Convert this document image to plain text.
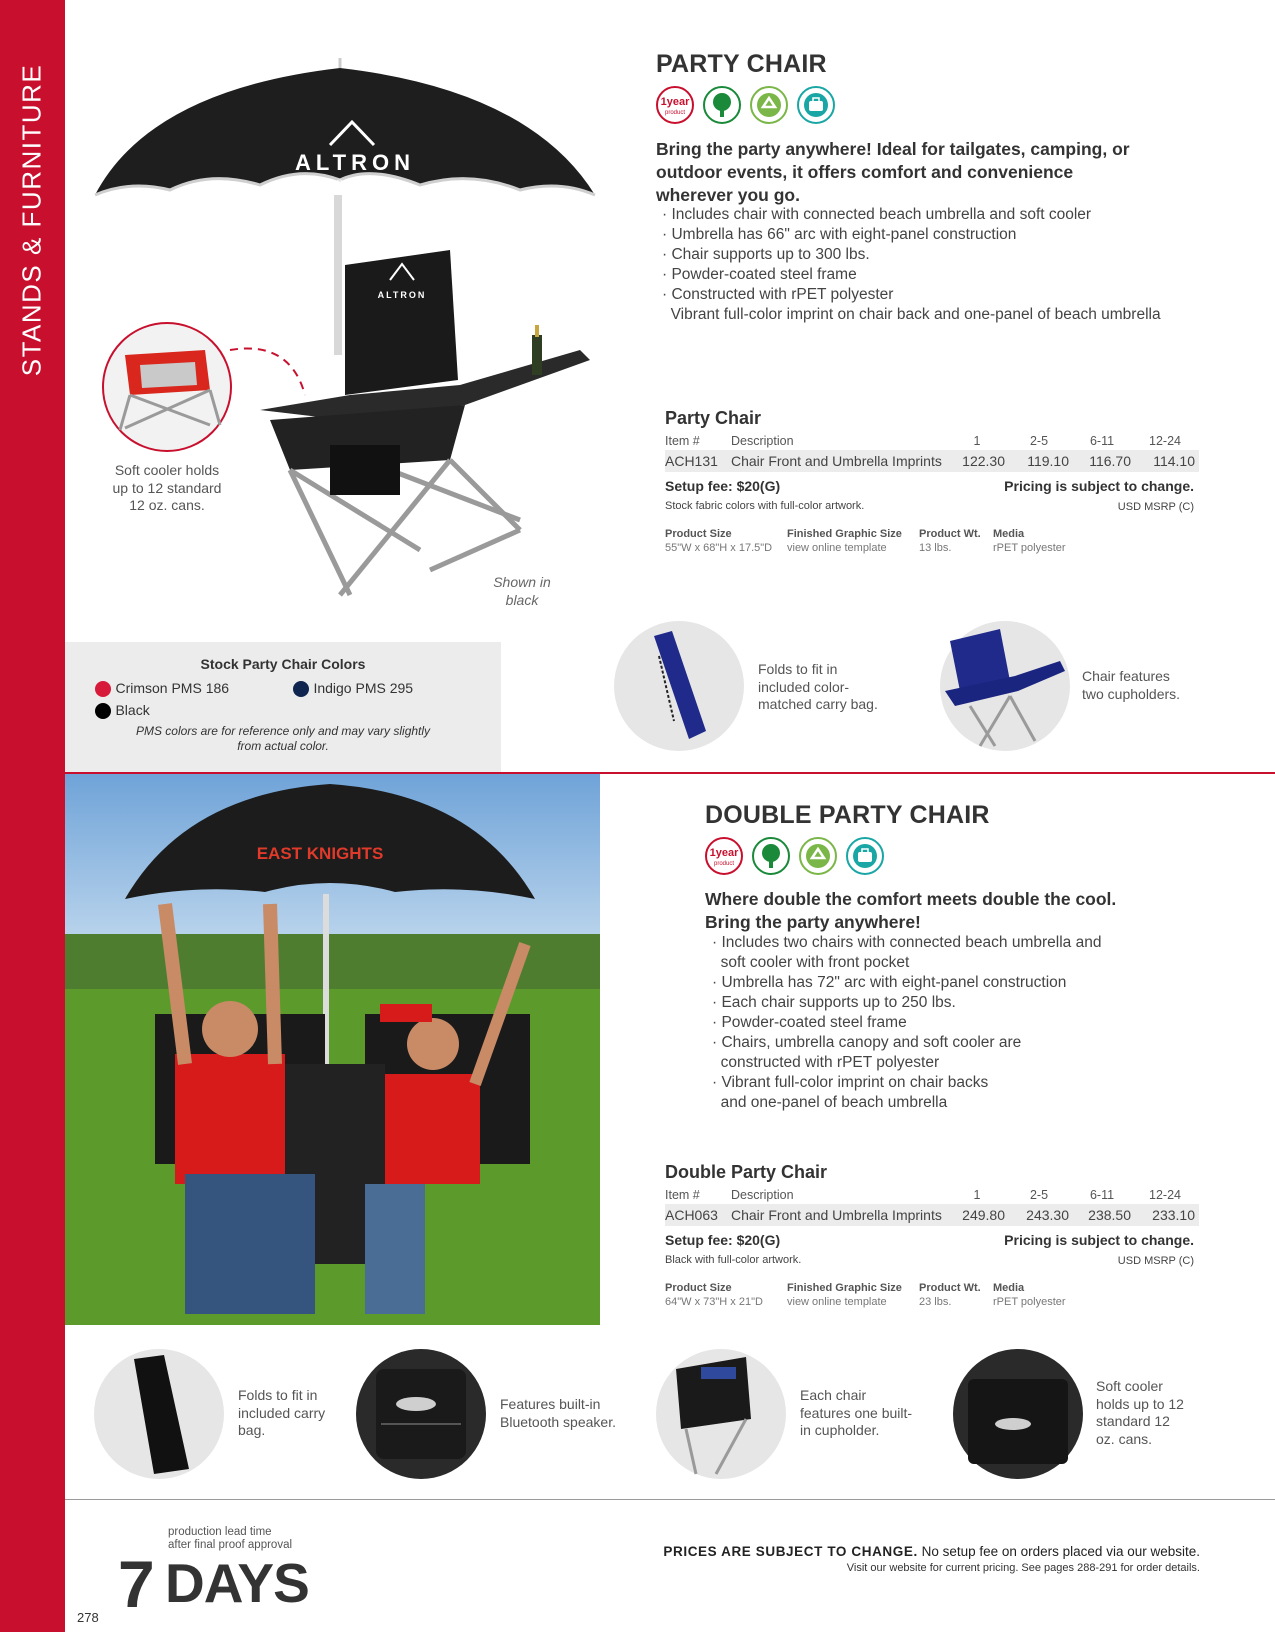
STANDS & FURNITURE	ALTRON
ENGINEERS
ALTRON
Soft cooler holds up to 12 standard 12 oz. cans.
Shown in black
PARTY CHAIR
1year
product
Bring the party anywhere! Ideal for tailgates, camping, or outdoor events, it offers comfort and convenience wherever you go.
· Includes chair with connected beach umbrella and soft cooler
· Umbrella has 66" arc with eight-panel construction
· Chair supports up to 300 lbs.
· Powder-coated steel frame
· Constructed with rPET polyester
Vibrant full-color imprint on chair back and one-panel of beach umbrella
Party Chair
Item #	Description	1	2-5	6-11	12-24
ACH131	Chair Front and Umbrella Imprints	122.30	119.10	116.70	114.10
Setup fee: $20(G)	Pricing is subject to change.
Stock fabric colors with full-color artwork.	USD MSRP (C)
Product Size
55"W x 68"H x 17.5"D
Finished Graphic Size
view online template
Product Wt.
13 lbs.
Media
rPET polyester
Stock Party Chair Colors
Crimson PMS 186	Indigo PMS 295
Black
PMS colors are for reference only and may vary slightly from actual color.
Folds to fit in included color-matched carry bag.
Chair features two cupholders.
EAST KNIGHTS
DOUBLE PARTY CHAIR
1year
product
Where double the comfort meets double the cool. Bring the party anywhere!
· Includes two chairs with connected beach umbrella and
soft cooler with front pocket
· Umbrella has 72" arc with eight-panel construction
· Each chair supports up to 250 lbs.
· Powder-coated steel frame
· Chairs, umbrella canopy and soft cooler are
constructed with rPET polyester
· Vibrant full-color imprint on chair backs
and one-panel of beach umbrella
Double Party Chair
Item #	Description	1	2-5	6-11	12-24
ACH063	Chair Front and Umbrella Imprints	249.80	243.30	238.50	233.10
Setup fee: $20(G)	Pricing is subject to change.
Black with full-color artwork.	USD MSRP (C)
Product Size
64"W x 73"H x 21"D
Finished Graphic Size
view online template
Product Wt.
23 lbs.
Media
rPET polyester
Folds to fit in included carry bag.
Features built-in Bluetooth speaker.
Each chair features one built-in cupholder.
Soft cooler holds up to 12 standard 12 oz. cans.
278
production lead time
after final proof approval
7 DAYS
PRICES ARE SUBJECT TO CHANGE. No setup fee on orders placed via our website.
Visit our website for current pricing. See pages 288-291 for order details.
